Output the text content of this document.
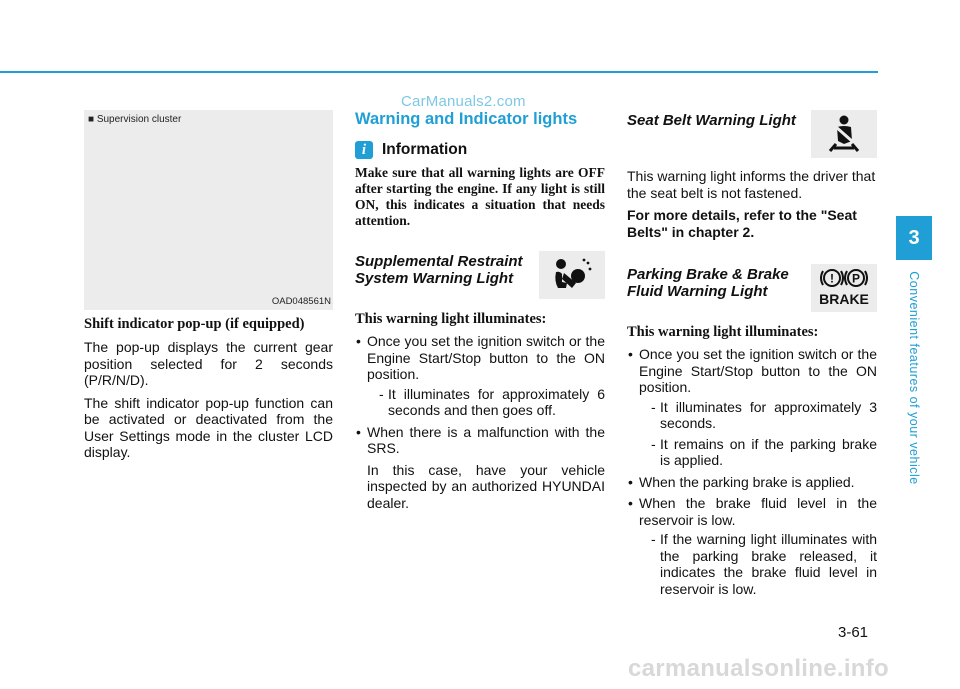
CarManuals2.com
■ Supervision cluster
OAD048561N
Shift indicator pop-up (if equipped)

The pop-up displays the current gear position selected for 2 seconds (P/R/N/D).

The shift indicator pop-up function can be activated or deactivated from the User Settings mode in the cluster LCD display.

Warning and Indicator lights
i	Information

Make sure that all warning lights are OFF after starting the engine. If any light is still ON, this indicates a situation that needs attention.

Supplemental Restraint
System Warning Light
This warning light illuminates:
• Once you set the ignition switch or the Engine Start/Stop button to the ON position.
- It illuminates for approximately 6 seconds and then goes off.
• When there is a malfunction with the SRS.

In this case, have your vehicle inspected by an authorized HYUNDAI dealer.

Seat Belt Warning Light

This warning light informs the driver that the seat belt is not fastened.

For more details, refer to the "Seat Belts" in chapter 2.

Parking Brake & Brake
Fluid Warning Light
! P
BRAKE
This warning light illuminates:
• Once you set the ignition switch or the Engine Start/Stop button to the ON position.
- It illuminates for approximately 3 seconds.
- It remains on if the parking brake is applied.
• When the parking brake is applied.
• When the brake fluid level in the reservoir is low.
- If the warning light illuminates with the parking brake released, it indicates the brake fluid level in reservoir is low.
3
Convenient features of your vehicle
3-61
carmanualsonline.info
